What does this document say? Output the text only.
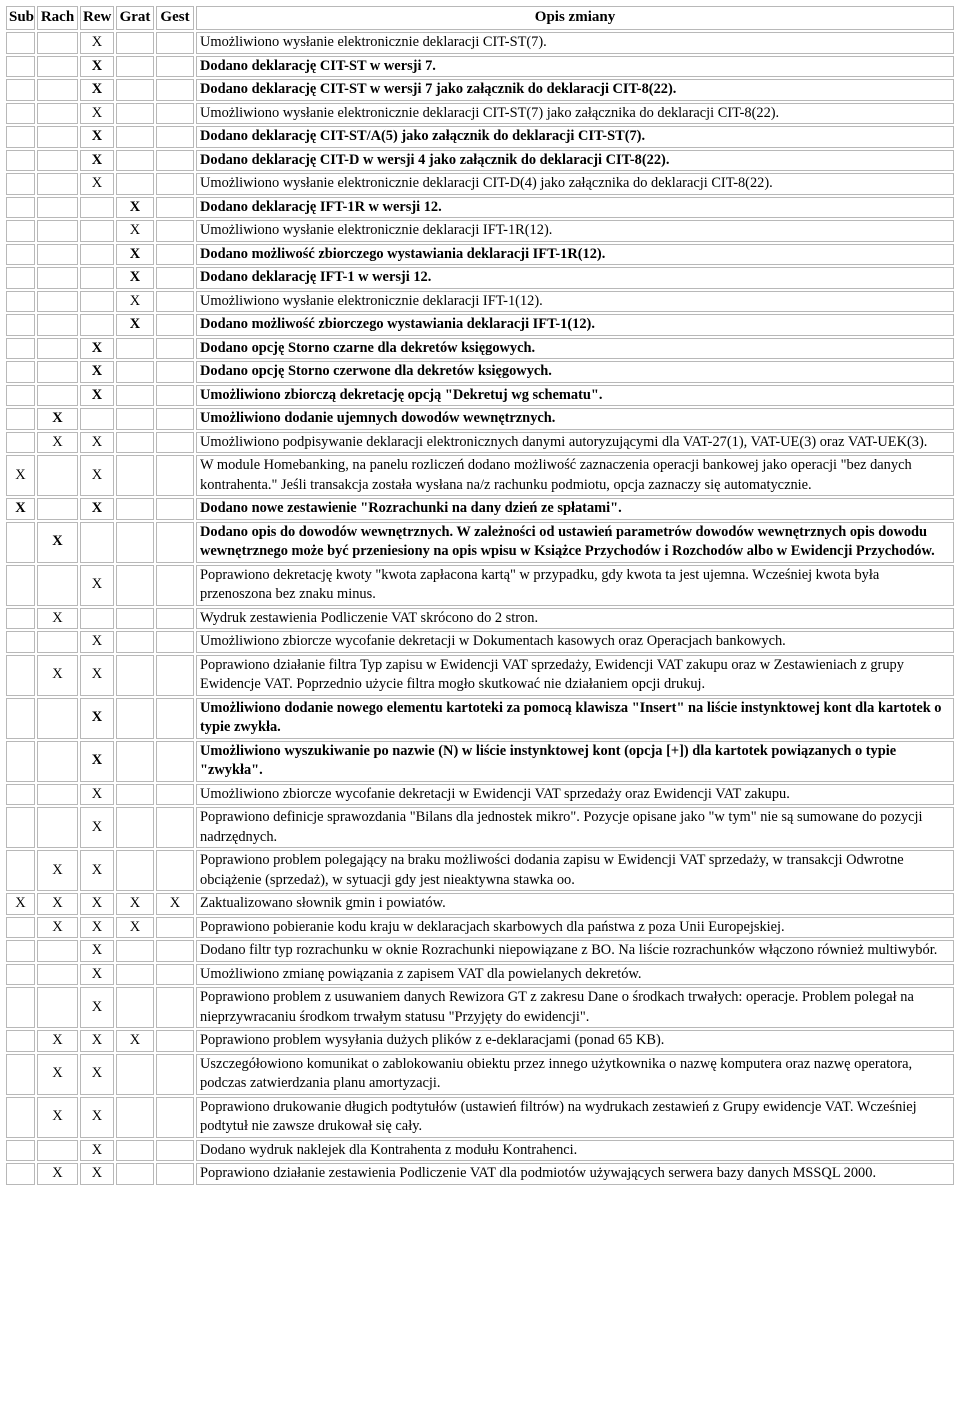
Sub	Rach	Rew	Grat	Gest	Opis zmiany
		X			Umożliwiono wysłanie elektronicznie deklaracji CIT-ST(7).
		X			Dodano deklarację CIT-ST w wersji 7.
		X			Dodano deklarację CIT-ST w wersji 7 jako załącznik do deklaracji CIT-8(22).
		X			Umożliwiono wysłanie elektronicznie deklaracji CIT-ST(7) jako załącznika do deklaracji CIT-8(22).
		X			Dodano deklarację CIT-ST/A(5) jako załącznik do deklaracji CIT-ST(7).
		X			Dodano deklarację CIT-D w wersji 4 jako załącznik do deklaracji CIT-8(22).
		X			Umożliwiono wysłanie elektronicznie deklaracji CIT-D(4) jako załącznika do deklaracji CIT-8(22).
			X		Dodano deklarację IFT-1R w wersji 12.
			X		Umożliwiono wysłanie elektronicznie deklaracji IFT-1R(12).
			X		Dodano możliwość zbiorczego wystawiania deklaracji IFT-1R(12).
			X		Dodano deklarację IFT-1 w wersji 12.
			X		Umożliwiono wysłanie elektronicznie deklaracji IFT-1(12).
			X		Dodano możliwość zbiorczego wystawiania deklaracji IFT-1(12).
		X			Dodano opcję Storno czarne dla dekretów księgowych.
		X			Dodano opcję Storno czerwone dla dekretów księgowych.
		X			Umożliwiono zbiorczą dekretację opcją "Dekretuj wg schematu".
	X				Umożliwiono dodanie ujemnych dowodów wewnętrznych.
	X	X			Umożliwiono podpisywanie deklaracji elektronicznych danymi autoryzującymi dla VAT-27(1), VAT-UE(3) oraz VAT-UEK(3).
X		X			W module Homebanking, na panelu rozliczeń dodano możliwość zaznaczenia operacji bankowej jako operacji "bez danych kontrahenta." Jeśli transakcja została wysłana na/z rachunku podmiotu, opcja zaznaczy się automatycznie.
X		X			Dodano nowe zestawienie "Rozrachunki na dany dzień ze spłatami".
	X				Dodano opis do dowodów wewnętrznych. W zależności od ustawień parametrów dowodów wewnętrznych opis dowodu wewnętrznego może być przeniesiony na opis wpisu w Książce Przychodów i Rozchodów albo w Ewidencji Przychodów.
		X			Poprawiono dekretację kwoty "kwota zapłacona kartą" w przypadku, gdy kwota ta jest ujemna. Wcześniej kwota była przenoszona bez znaku minus.
	X				Wydruk zestawienia Podliczenie VAT skrócono do 2 stron.
		X			Umożliwiono zbiorcze wycofanie dekretacji w Dokumentach kasowych oraz Operacjach bankowych.
	X	X			Poprawiono działanie filtra Typ zapisu w Ewidencji VAT sprzedaży, Ewidencji VAT zakupu oraz w Zestawieniach z grupy Ewidencje VAT. Poprzednio użycie filtra mogło skutkować nie działaniem opcji drukuj.
		X			Umożliwiono dodanie nowego elementu kartoteki za pomocą klawisza "Insert" na liście instynktowej kont dla kartotek o typie zwykła.
		X			Umożliwiono wyszukiwanie po nazwie (N) w liście instynktowej kont (opcja [+]) dla kartotek powiązanych o typie "zwykła".
		X			Umożliwiono zbiorcze wycofanie dekretacji w Ewidencji VAT sprzedaży oraz Ewidencji VAT zakupu.
		X			Poprawiono definicje sprawozdania "Bilans dla jednostek mikro". Pozycje opisane jako "w tym" nie są sumowane do pozycji nadrzędnych.
	X	X			Poprawiono problem polegający na braku możliwości dodania zapisu w Ewidencji VAT sprzedaży, w transakcji Odwrotne obciążenie (sprzedaż), w sytuacji gdy jest nieaktywna stawka oo.
X	X	X	X	X	Zaktualizowano słownik gmin i powiatów.
	X	X	X		Poprawiono pobieranie kodu kraju w deklaracjach skarbowych dla państwa z poza Unii Europejskiej.
		X			Dodano filtr typ rozrachunku w oknie Rozrachunki niepowiązane z BO. Na liście rozrachunków włączono również multiwybór.
		X			Umożliwiono zmianę powiązania z zapisem VAT dla powielanych dekretów.
		X			Poprawiono problem z usuwaniem danych Rewizora GT z zakresu Dane o środkach trwałych: operacje. Problem polegał na nieprzywracaniu środkom trwałym statusu "Przyjęty do ewidencji".
	X	X	X		Poprawiono problem wysyłania dużych plików z e-deklaracjami (ponad 65 KB).
	X	X			Uszczegółowiono komunikat o zablokowaniu obiektu przez innego użytkownika o nazwę komputera oraz nazwę operatora, podczas zatwierdzania planu amortyzacji.
	X	X			Poprawiono drukowanie długich podtytułów (ustawień filtrów) na wydrukach zestawień z Grupy ewidencje VAT. Wcześniej podtytuł nie zawsze drukował się cały.
		X			Dodano wydruk naklejek dla Kontrahenta z modułu Kontrahenci.
	X	X			Poprawiono działanie zestawienia Podliczenie VAT dla podmiotów używających serwera bazy danych MSSQL 2000.
